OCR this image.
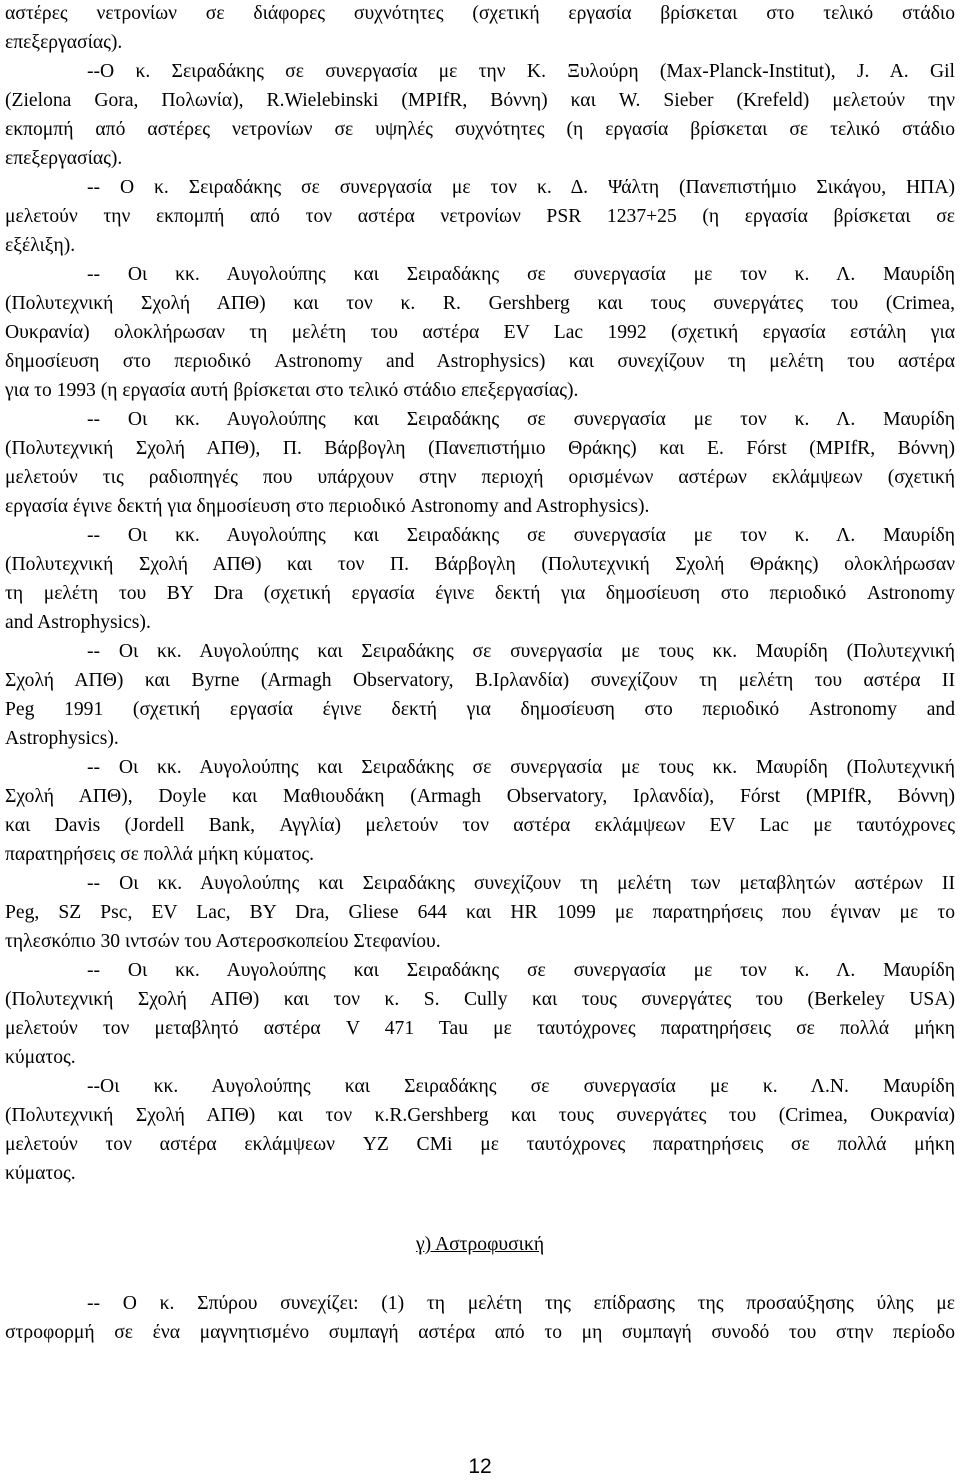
αστέρες νετρονίων σε διάφορες συχνότητες (σχετική εργασία βρίσκεται στο τελικό στάδιο
επεξεργασίας).
--Ο κ. Σειραδάκης σε συνεργασία με την Κ. Ξυλούρη (Max-Planck-Institut), J. A. Gil
(Zielona Gora, Πολωνία), R.Wielebinski (MPIfR, Βόννη) και W. Sieber (Krefeld) μελετούν την
εκπομπή από αστέρες νετρονίων σε υψηλές συχνότητες (η εργασία βρίσκεται σε τελικό στάδιο
επεξεργασίας).
-- Ο κ. Σειραδάκης σε συνεργασία με τον κ. Δ. Ψάλτη (Πανεπιστήμιο Σικάγου, ΗΠΑ)
μελετούν την εκπομπή από τον αστέρα νετρονίων PSR 1237+25 (η εργασία βρίσκεται σε
εξέλιξη).
-- Οι κκ. Αυγολούπης και Σειραδάκης σε συνεργασία με τον κ. Λ. Μαυρίδη
(Πολυτεχνική Σχολή ΑΠΘ) και τον κ. R. Gershberg και τους συνεργάτες του (Crimea,
Ουκρανία) ολοκλήρωσαν τη μελέτη του αστέρα EV Lac 1992 (σχετική εργασία εστάλη για
δημοσίευση στο περιοδικό Astronomy and Astrophysics) και συνεχίζουν τη μελέτη του αστέρα
για το 1993 (η εργασία αυτή βρίσκεται στο τελικό στάδιο επεξεργασίας).
-- Οι κκ. Αυγολούπης και Σειραδάκης σε συνεργασία με τον κ. Λ. Μαυρίδη
(Πολυτεχνική Σχολή ΑΠΘ), Π. Βάρβογλη (Πανεπιστήμιο Θράκης) και Ε. Fórst (MPIfR, Βόννη)
μελετούν τις ραδιοπηγές που υπάρχουν στην περιοχή ορισμένων αστέρων εκλάμψεων (σχετική
εργασία έγινε δεκτή για δημοσίευση στο περιοδικό Astronomy and Astrophysics).
-- Οι κκ. Αυγολούπης και Σειραδάκης σε συνεργασία με τον κ. Λ. Μαυρίδη
(Πολυτεχνική Σχολή ΑΠΘ) και τον Π. Βάρβογλη (Πολυτεχνική Σχολή Θράκης) ολοκλήρωσαν
τη μελέτη του BY Dra (σχετική εργασία έγινε δεκτή για δημοσίευση στο περιοδικό Astronomy
and Astrophysics).
-- Οι κκ. Αυγολούπης και Σειραδάκης σε συνεργασία με τους κκ. Μαυρίδη (Πολυτεχνική
Σχολή ΑΠΘ) και Byrne (Armagh Observatory, Β.Ιρλανδία) συνεχίζουν τη μελέτη του αστέρα II
Peg 1991 (σχετική εργασία έγινε δεκτή για δημοσίευση στο περιοδικό Astronomy and
Astrophysics).
-- Οι κκ. Αυγολούπης και Σειραδάκης σε συνεργασία με τους κκ. Μαυρίδη (Πολυτεχνική
Σχολή ΑΠΘ), Doyle και Μαθιουδάκη (Armagh Observatory, Ιρλανδία), Fórst (MPIfR, Βόννη)
και Davis (Jordell Bank, Αγγλία) μελετούν τον αστέρα εκλάμψεων EV Lac με ταυτόχρονες
παρατηρήσεις σε πολλά μήκη κύματος.
-- Οι κκ. Αυγολούπης και Σειραδάκης συνεχίζουν τη μελέτη των μεταβλητών αστέρων II
Peg, SZ Psc, EV Lac, BY Dra, Gliese 644 και HR 1099 με παρατηρήσεις που έγιναν με το
τηλεσκόπιο 30 ιντσών του Αστεροσκοπείου Στεφανίου.
-- Οι κκ. Αυγολούπης και Σειραδάκης σε συνεργασία με τον κ. Λ. Μαυρίδη
(Πολυτεχνική Σχολή ΑΠΘ) και τον κ. S. Cully και τους συνεργάτες του (Berkeley USA)
μελετούν τον μεταβλητό αστέρα V 471 Tau με ταυτόχρονες παρατηρήσεις σε πολλά μήκη
κύματος.
--Οι κκ. Αυγολούπης και Σειραδάκης σε συνεργασία με κ. Λ.Ν. Μαυρίδη
(Πολυτεχνική Σχολή ΑΠΘ) και τον κ.R.Gershberg και τους συνεργάτες του (Crimea, Ουκρανία)
μελετούν τον αστέρα εκλάμψεων YZ CMi με ταυτόχρονες παρατηρήσεις σε πολλά μήκη
κύματος.
γ) Αστροφυσική
-- Ο κ. Σπύρου συνεχίζει: (1) τη μελέτη της επίδρασης της προσαύξησης ύλης με
στροφορμή σε ένα μαγνητισμένο συμπαγή αστέρα από το μη συμπαγή συνοδό του στην περίοδο
12
